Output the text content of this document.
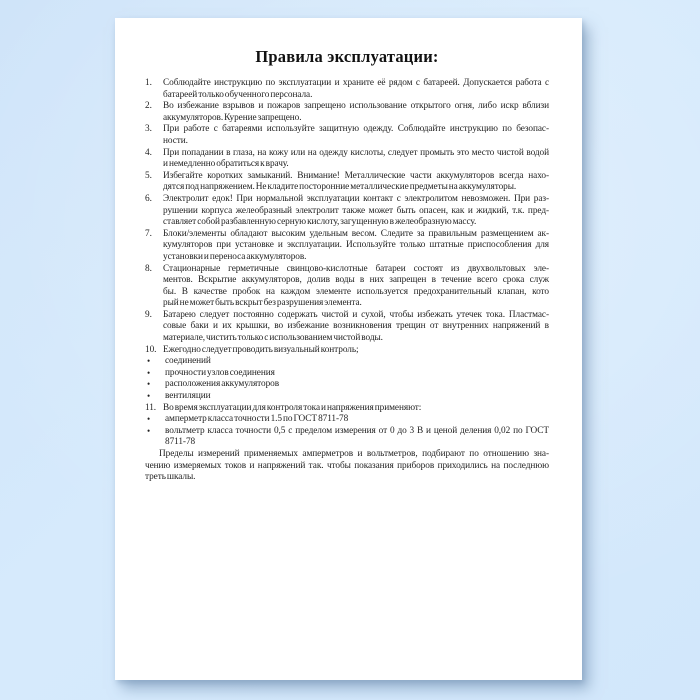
Правила эксплуатации:
1.	Соблюдайте инструкцию по эксплуатации и храните её рядом с батареей. Допускается работа с
батареей только обученного персонала.
2.	Во избежание взрывов и пожаров запрещено использование открытого огня, либо искр вблизи
аккумуляторов. Курение запрещено.
3.	При работе с батареями используйте защитную одежду. Соблюдайте инструкцию по безопас-
ности.
4.	При попадании в глаза, на кожу или на одежду кислоты, следует промыть это место чистой водой
и немедленно обратиться к врачу.
5.	Избегайте коротких замыканий. Внимание! Металлические части аккумуляторов всегда нахо-
дятся под напряжением. Не кладите посторонние металлические предметы на аккумуляторы.
6.	Электролит едок! При нормальной эксплуатации контакт с электролитом невозможен. При раз-
рушении корпуса желеобразный электролит также может быть опасен, как и жидкий, т.к. пред-
ставляет собой разбавленную серную кислоту, загущенную в желеобразную массу.
7.	Блоки/элементы обладают высоким удельным весом. Следите за правильным размещением ак-
кумуляторов при установке и эксплуатации. Используйте только штатные приспособления для
установки и переноса аккумуляторов.
8.	Стационарные герметичные свинцово-кислотные батареи состоят из двухвольтовых эле-
ментов. Вскрытие аккумуляторов, долив воды в них запрещен в течение всего срока служ
бы. В качестве пробок на каждом элементе используется предохранительный клапан, кото
рый не может быть вскрыт без разрушения элемента.
9.	Батарею следует постоянно содержать чистой и сухой, чтобы избежать утечек тока. Пластмас-
совые баки и их крышки, во избежание возникновения трещин от внутренних напряжений в
материале, чистить только с использованием чистой воды.
10. Ежегодно следует проводить визуальный контроль;
•	соединений
•	прочности узлов соединения
•	расположения аккумуляторов
•	вентиляции
11. Во время эксплуатации для контроля тока и напряжения применяют:
•	амперметр класса точности 1.5 по ГОСТ 8711-78
•	вольтметр класса точности 0,5 с пределом измерения от 0 до 3 В и ценой деления 0,02 по ГОСТ
8711-78
Пределы измерений применяемых амперметров и вольтметров, подбирают по отношению зна-
чению измеряемых токов и напряжений так. чтобы показания приборов приходились на последнюю
треть шкалы.
